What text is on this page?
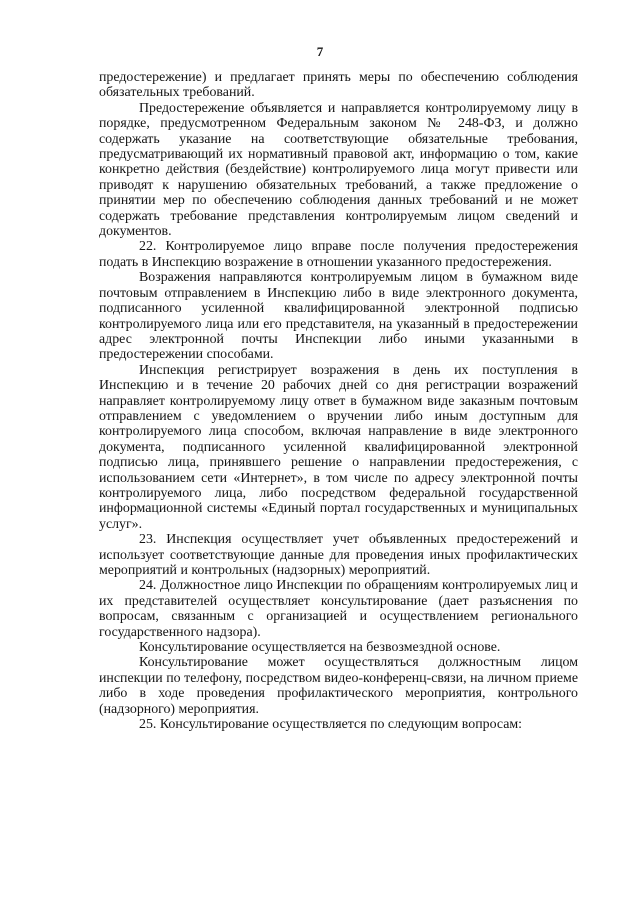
7

предостережение) и предлагает принять меры по обеспечению соблюдения обязательных требований.

Предостережение объявляется и направляется контролируемому лицу в порядке, предусмотренном Федеральным законом № 248-ФЗ, и должно содержать указание на соответствующие обязательные требования, предусматривающий их нормативный правовой акт, информацию о том, какие конкретно действия (бездействие) контролируемого лица могут привести или приводят к нарушению обязательных требований, а также предложение о принятии мер по обеспечению соблюдения данных требований и не может содержать требование представления контролируемым лицом сведений и документов.

22. Контролируемое лицо вправе после получения предостережения подать в Инспекцию возражение в отношении указанного предостережения.

Возражения направляются контролируемым лицом в бумажном виде почтовым отправлением в Инспекцию либо в виде электронного документа, подписанного усиленной квалифицированной электронной подписью контролируемого лица или его представителя, на указанный в предостережении адрес электронной почты Инспекции либо иными указанными в предостережении способами.

Инспекция регистрирует возражения в день их поступления в Инспекцию и в течение 20 рабочих дней со дня регистрации возражений направляет контролируемому лицу ответ в бумажном виде заказным почтовым отправлением с уведомлением о вручении либо иным доступным для контролируемого лица способом, включая направление в виде электронного документа, подписанного усиленной квалифицированной электронной подписью лица, принявшего решение о направлении предостережения, с использованием сети «Интернет», в том числе по адресу электронной почты контролируемого лица, либо посредством федеральной государственной информационной системы «Единый портал государственных и муниципальных услуг».

23. Инспекция осуществляет учет объявленных предостережений и использует соответствующие данные для проведения иных профилактических мероприятий и контрольных (надзорных) мероприятий.

24. Должностное лицо Инспекции по обращениям контролируемых лиц и их представителей осуществляет консультирование (дает разъяснения по вопросам, связанным с организацией и осуществлением регионального государственного надзора).

Консультирование осуществляется на безвозмездной основе.

Консультирование может осуществляться должностным лицом инспекции по телефону, посредством видео-конференц-связи, на личном приеме либо в ходе проведения профилактического мероприятия, контрольного (надзорного) мероприятия.

25. Консультирование осуществляется по следующим вопросам:
